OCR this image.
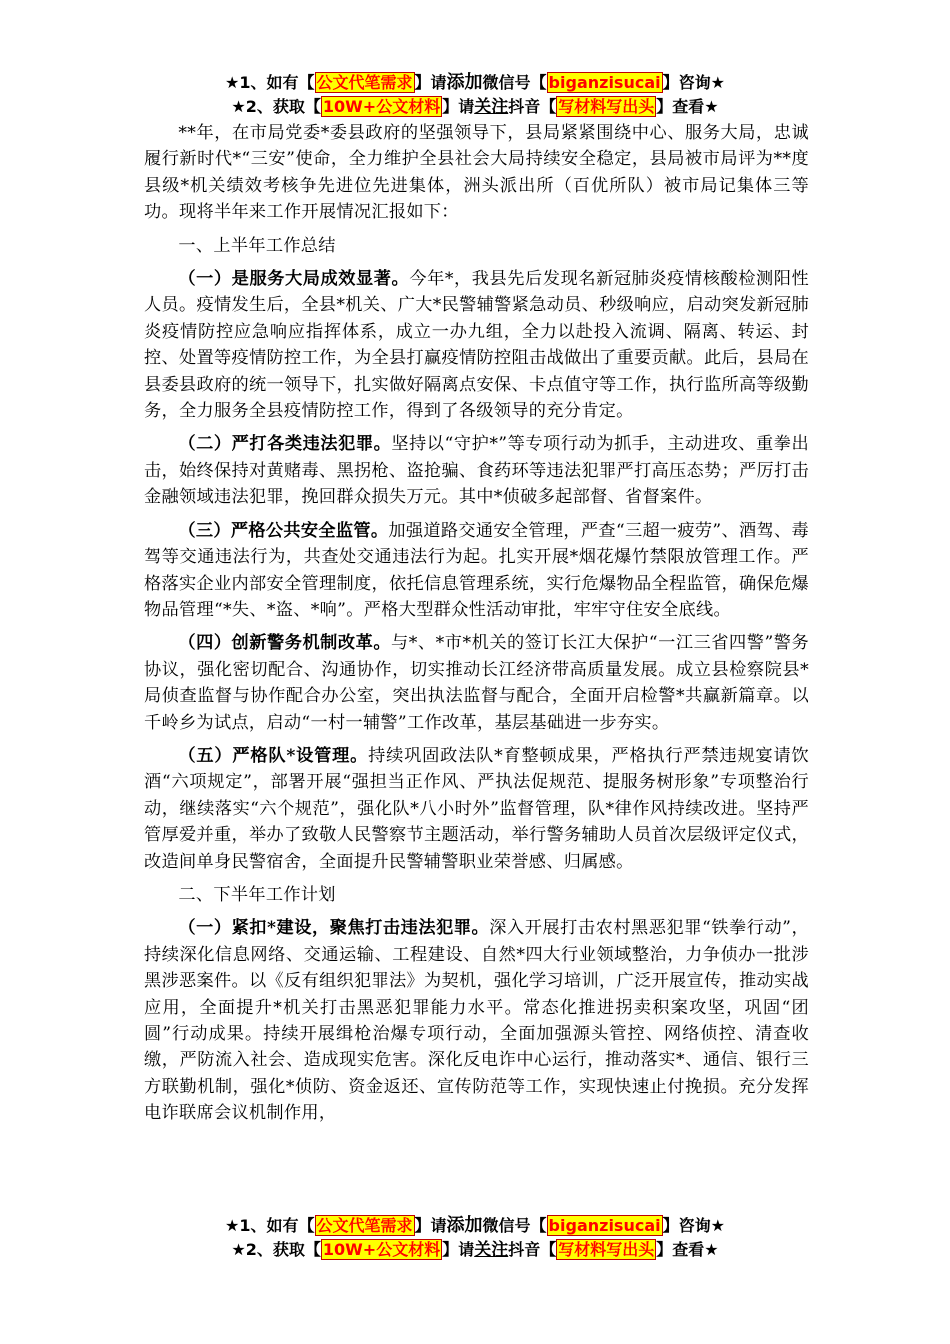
★1、如有【 公文代笔需求 】请添加微信号【 biganzisucai 】咨询★
★2、获取【 10W+公文材料 】请关注抖音【 写材料写出头 】查看★

**年，在市局党委*委县政府的坚强领导下，县局紧紧围绕中心、服务大局，忠诚履行新时代*“三安”使命，全力维护全县社会大局持续安全稳定，县局被市局评为**度县级*机关绩效考核争先进位先进集体，洲头派出所（百优所队）被市局记集体三等功。现将半年来工作开展情况汇报如下：

一、上半年工作总结

（一）是服务大局成效显著。今年*，我县先后发现名新冠肺炎疫情核酸检测阳性人员。疫情发生后，全县*机关、广大*民警辅警紧急动员、秒级响应，启动突发新冠肺炎疫情防控应急响应指挥体系，成立一办九组，全力以赴投入流调、隔离、转运、封控、处置等疫情防控工作，为全县打赢疫情防控阻击战做出了重要贡献。此后，县局在县委县政府的统一领导下，扎实做好隔离点安保、卡点值守等工作，执行监所高等级勤务，全力服务全县疫情防控工作，得到了各级领导的充分肯定。

（二）严打各类违法犯罪。坚持以“守护*”等专项行动为抓手，主动进攻、重拳出击，始终保持对黄赌毒、黑拐枪、盗抢骗、食药环等违法犯罪严打高压态势；严厉打击金融领域违法犯罪，挽回群众损失万元。其中*侦破多起部督、省督案件。

（三）严格公共安全监管。加强道路交通安全管理，严查“三超一疲劳”、酒驾、毒驾等交通违法行为，共查处交通违法行为起。扎实开展*烟花爆竹禁限放管理工作。严格落实企业内部安全管理制度，依托信息管理系统，实行危爆物品全程监管，确保危爆物品管理“*失、*盗、*响”。严格大型群众性活动审批，牢牢守住安全底线。

（四）创新警务机制改革。与*、*市*机关的签订长江大保护“一江三省四警”警务协议，强化密切配合、沟通协作，切实推动长江经济带高质量发展。成立县检察院县*局侦查监督与协作配合办公室，突出执法监督与配合，全面开启检警*共赢新篇章。以千岭乡为试点，启动“一村一辅警”工作改革，基层基础进一步夯实。

（五）严格队*设管理。持续巩固政法队*育整顿成果，严格执行严禁违规宴请饮酒“六项规定”，部署开展“强担当正作风、严执法促规范、提服务树形象”专项整治行动，继续落实“六个规范”，强化队*八小时外”监督管理，队*律作风持续改进。坚持严管厚爱并重，举办了致敬人民警察节主题活动，举行警务辅助人员首次层级评定仪式，改造间单身民警宿舍，全面提升民警辅警职业荣誉感、归属感。

二、下半年工作计划

（一）紧扣*建设，聚焦打击违法犯罪。深入开展打击农村黑恶犯罪“铁拳行动”，持续深化信息网络、交通运输、工程建设、自然*四大行业领域整治，力争侦办一批涉黑涉恶案件。以《反有组织犯罪法》为契机，强化学习培训，广泛开展宣传，推动实战应用，全面提升*机关打击黑恶犯罪能力水平。常态化推进拐卖积案攻坚，巩固“团圆”行动成果。持续开展缉枪治爆专项行动，全面加强源头管控、网络侦控、清查收缴，严防流入社会、造成现实危害。深化反电诈中心运行，推动落实*、通信、银行三方联勤机制，强化*侦防、资金返还、宣传防范等工作，实现快速止付挽损。充分发挥电诈联席会议机制作用，

★1、如有【 公文代笔需求 】请添加微信号【 biganzisucai 】咨询★
★2、获取【 10W+公文材料 】请关注抖音【 写材料写出头 】查看★
